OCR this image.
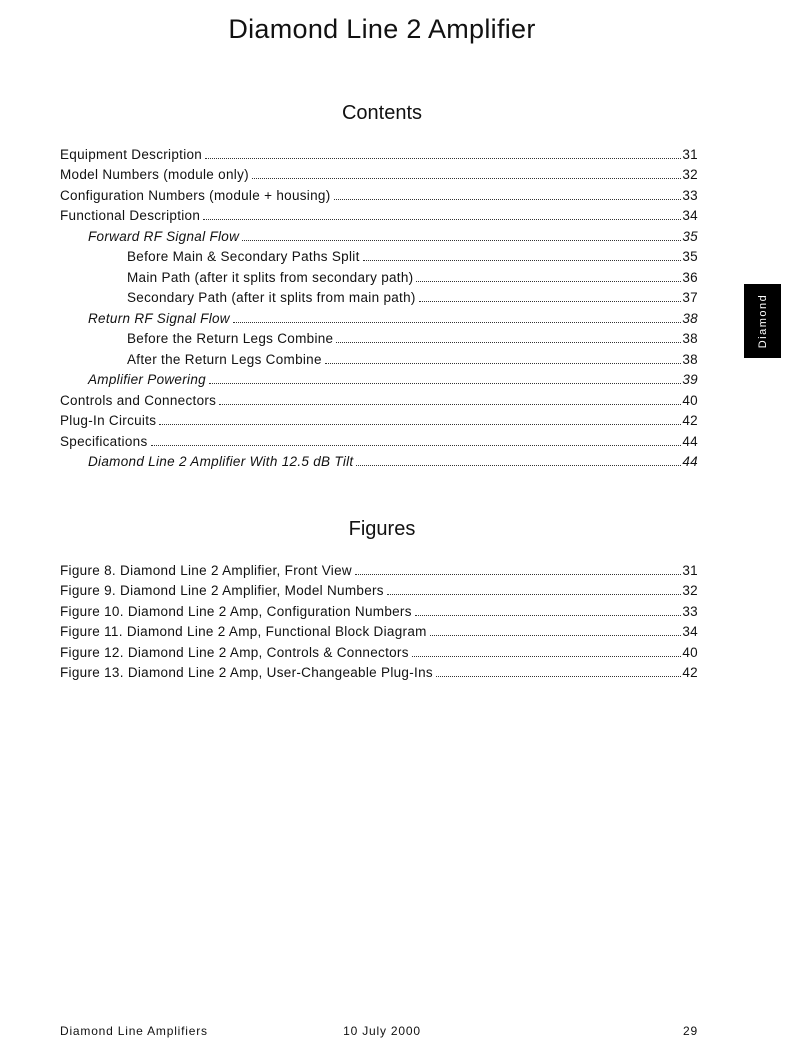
Diamond Line 2 Amplifier
Contents
Equipment Description	31
Model Numbers (module only)	32
Configuration Numbers (module + housing)	33
Functional Description	34
Forward RF Signal Flow	35
Before Main & Secondary Paths Split	35
Main Path (after it splits from secondary path)	36
Secondary Path (after it splits from main path)	37
Return RF Signal Flow	38
Before the Return Legs Combine	38
After the Return Legs Combine	38
Amplifier Powering	39
Controls and Connectors	40
Plug-In Circuits	42
Specifications	44
Diamond Line 2 Amplifier With 12.5 dB Tilt	44
Figures
Figure 8. Diamond Line 2 Amplifier, Front View	31
Figure 9. Diamond Line 2 Amplifier, Model Numbers	32
Figure 10. Diamond Line 2 Amp, Configuration Numbers	33
Figure 11. Diamond Line 2 Amp, Functional Block Diagram	34
Figure 12. Diamond Line 2 Amp, Controls & Connectors	40
Figure 13. Diamond Line 2 Amp, User-Changeable Plug-Ins	42
Diamond
Diamond Line Amplifiers	10 July 2000	29
